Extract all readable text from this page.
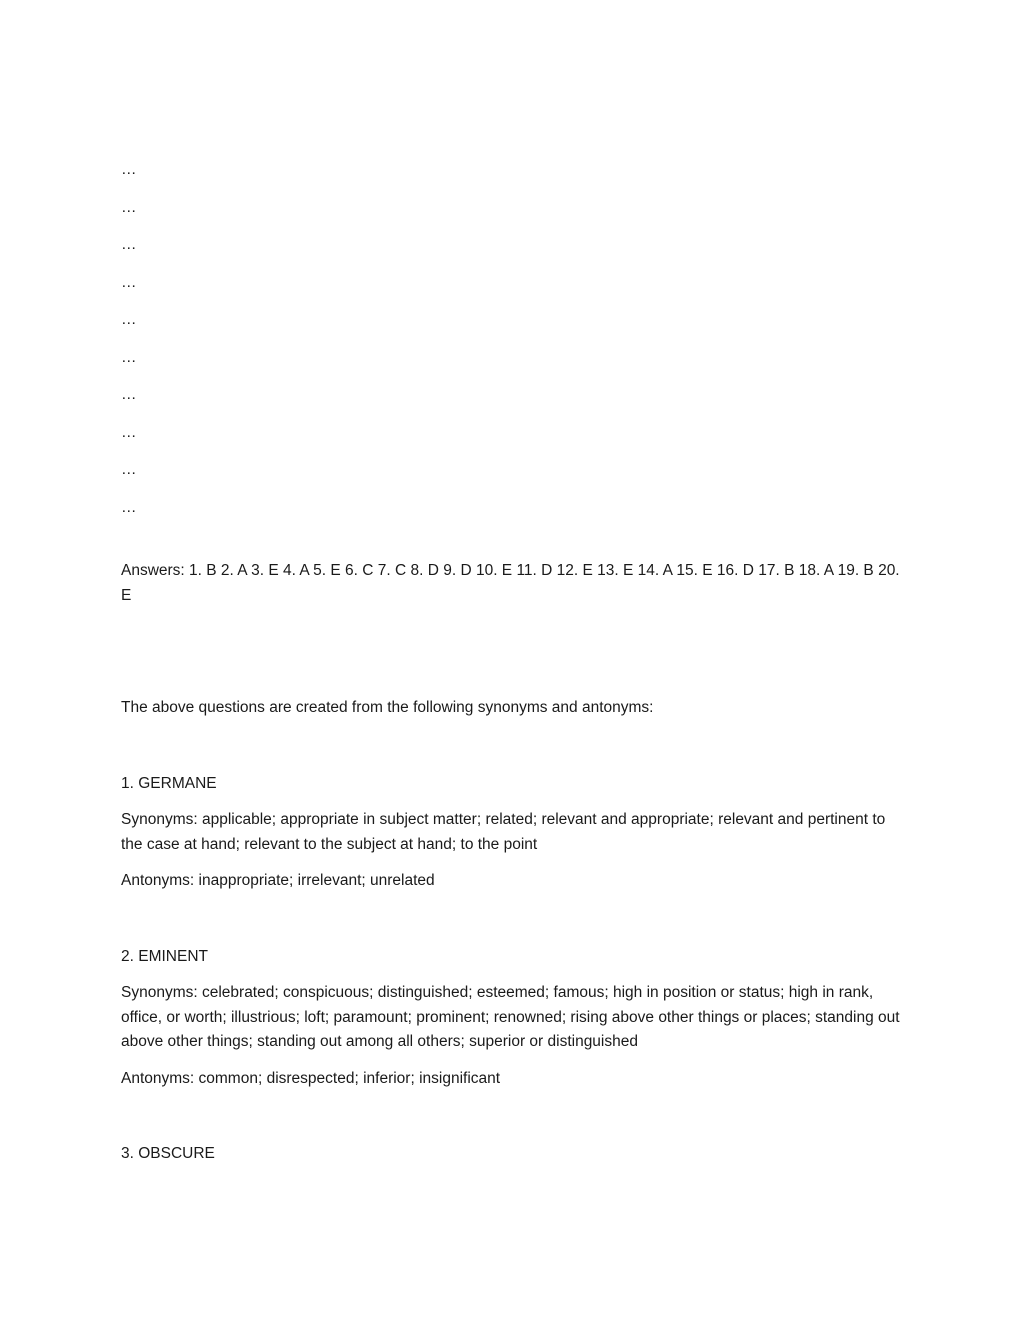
…

…

…

…

…

…

…

…

…

…

Answers: 1. B 2. A 3. E 4. A 5. E 6. C 7. C 8. D 9. D 10. E 11. D 12. E 13. E 14. A 15. E 16. D 17. B 18. A 19. B 20. E

The above questions are created from the following synonyms and antonyms:

1. GERMANE

Synonyms: applicable; appropriate in subject matter; related; relevant and appropriate; relevant and pertinent to the case at hand; relevant to the subject at hand; to the point

Antonyms: inappropriate; irrelevant; unrelated

2. EMINENT

Synonyms: celebrated; conspicuous; distinguished; esteemed; famous; high in position or status; high in rank, office, or worth; illustrious; loft; paramount; prominent; renowned; rising above other things or places; standing out above other things; standing out among all others; superior or distinguished

Antonyms: common; disrespected; inferior; insignificant

3. OBSCURE
